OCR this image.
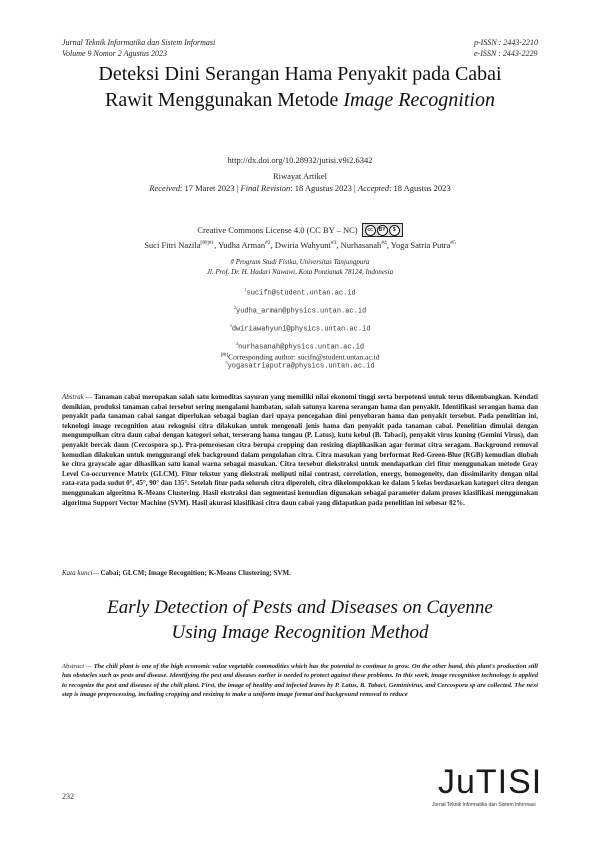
Jurnal Teknik Informatika dan Sistem Informasi
Volume 9 Nomor 2 Agustus 2023
p-ISSN : 2443-2210
e-ISSN : 2443-2229
Deteksi Dini Serangan Hama Penyakit pada Cabai
Rawit Menggunakan Metode Image Recognition
http://dx.doi.org/10.28932/jutisi.v9i2.6342
Riwayat Artikel
Received: 17 Maret 2023 | Final Revision: 18 Agustus 2023 | Accepted: 18 Agustus 2023
Creative Commons License 4.0 (CC BY – NC)	cc	BY	$
Suci Fitri Nazila$^{[✉]\#1}$, Yudha Arman$^{\#2}$, Dwiria Wahyuni$^{\#3}$, Nurhasanah$^{\#4}$, Yoga Satria Putra$^{\#5}$
# Program Studi Fisika, Universitas Tanjungpura
Jl. Prof. Dr. H. Hadari Nawawi, Kota Pontianak 78124, Indonesia
$^1$sucifn@student.untan.ac.id
$^2$yudha_arman@physics.untan.ac.id
$^3$dwiriawahyuni@physics.untan.ac.id
$^4$nurhasanah@physics.untan.ac.id
$^5$yogasatriaputra@physics.untan.ac.id
[✉]Corresponding author: sucifn@student.untan.ac.id
Abstrak — Tanaman cabai merupakan salah satu komoditas sayuran yang memiliki nilai ekonomi tinggi serta berpotensi untuk terus dikembangkan. Kendati demikian, produksi tanaman cabai tersebut sering mengalami hambatan, salah satunya karena serangan hama dan penyakit. Identifikasi serangan hama dan penyakit pada tanaman cabai sangat diperlukan sebagai bagian dari upaya pencegahan dini penyebaran hama dan penyakit tersebut. Pada penelitian ini, teknologi image recognition atau rekognisi citra dilakukan untuk mengenali jenis hama dan penyakit pada tanaman cabai. Penelitian dimulai dengan mengumpulkan citra daun cabai dengan kategori sehat, terserang hama tungau (P. Latus), kutu kebul (B. Tabaci), penyakit virus kuning (Gemini Virus), dan penyakit bercak daun (Cercospora sp.). Pra-pemrosesan citra berupa cropping dan resizing diaplikasikan agar format citra seragam. Background removal kemudian dilakukan untuk menggurangi efek background dalam pengolahan citra. Citra masukan yang berformat Red-Green-Blue (RGB) kemudian diubah ke citra grayscale agar dihasilkan satu kanal warna sebagai masukan. Citra tersebut diekstraksi untuk mendapatkan ciri fitur menggunakan metode Gray Level Co-occurrence Matrix (GLCM). Fitur tekstur yang diekstrak meliputi nilai contrast, correlation, energy, homogeneity, dan dissimilarity dengan nilai rata-rata pada sudut 0°, 45°, 90° dan 135°. Setelah fitur pada seluruh citra diperoleh, citra dikelompokkan ke dalam 5 kelas berdasarkan kategori citra dengan menggunakan algoritma K-Means Clustering. Hasil ekstraksi dan segmentasi kemudian digunakan sebagai parameter dalam proses klasifikasi menggunakan algoritma Support Vector Machine (SVM). Hasil akurasi klasifikasi citra daun cabai yang didapatkan pada penelitian ini sebesar 82%.
Kata kunci— Cabai; GLCM; Image Recognition; K-Means Clustering; SVM.
Early Detection of Pests and Diseases on Cayenne
Using Image Recognition Method
Abstract — The chili plant is one of the high economic value vegetable commodities which has the potential to continue to grow. On the other hand, this plant's production still has obstacles such as pests and disease. Identifying the pest and diseases earlier is needed to protect against these problems. In this work, image recognition technology is applied to recognize the pest and diseases of the chili plant. First, the image of healthy and infected leaves by P. Latus, B. Tabaci, Geminivirus, and Cercospora sp are collected. The next step is image preprocessing, including cropping and resizing to make a uniform image format and background removal to reduce
232	JuTISI
Jurnal Teknik Informatika dan Sistem Informasi
